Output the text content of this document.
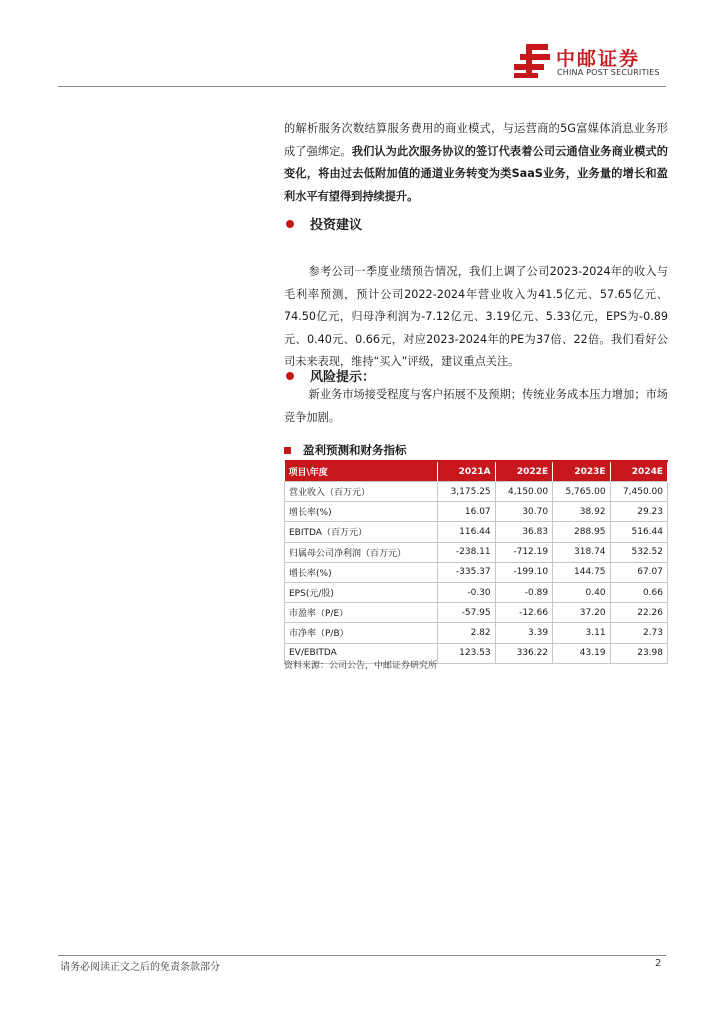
中邮证券
CHINA POST SECURITIES
的解析服务次数结算服务费用的商业模式，与运营商的5G富媒体消息业务形成了强绑定。我们认为此次服务协议的签订代表着公司云通信业务商业模式的变化，将由过去低附加值的通道业务转变为类SaaS业务，业务量的增长和盈利水平有望得到持续提升。
投资建议
参考公司一季度业绩预告情况，我们上调了公司2023-2024年的收入与毛利率预测，预计公司2022-2024年营业收入为41.5亿元、57.65亿元、74.50亿元，归母净利润为-7.12亿元、3.19亿元、5.33亿元，EPS为-0.89元、0.40元、0.66元，对应2023-2024年的PE为37倍、22倍。我们看好公司未来表现，维持“买入”评级，建议重点关注。
风险提示：
新业务市场接受程度与客户拓展不及预期；传统业务成本压力增加；市场竞争加剧。
盈利预测和财务指标
项目\年度	2021A	2022E	2023E	2024E
营业收入（百万元）	3,175.25	4,150.00	5,765.00	7,450.00
增长率(%)	16.07	30.70	38.92	29.23
EBITDA（百万元）	116.44	36.83	288.95	516.44
归属母公司净利润（百万元）	-238.11	-712.19	318.74	532.52
增长率(%)	-335.37	-199.10	144.75	67.07
EPS(元/股)	-0.30	-0.89	0.40	0.66
市盈率（P/E）	-57.95	-12.66	37.20	22.26
市净率（P/B）	2.82	3.39	3.11	2.73
EV/EBITDA	123.53	336.22	43.19	23.98
资料来源：公司公告，中邮证券研究所
请务必阅读正文之后的免责条款部分	2
